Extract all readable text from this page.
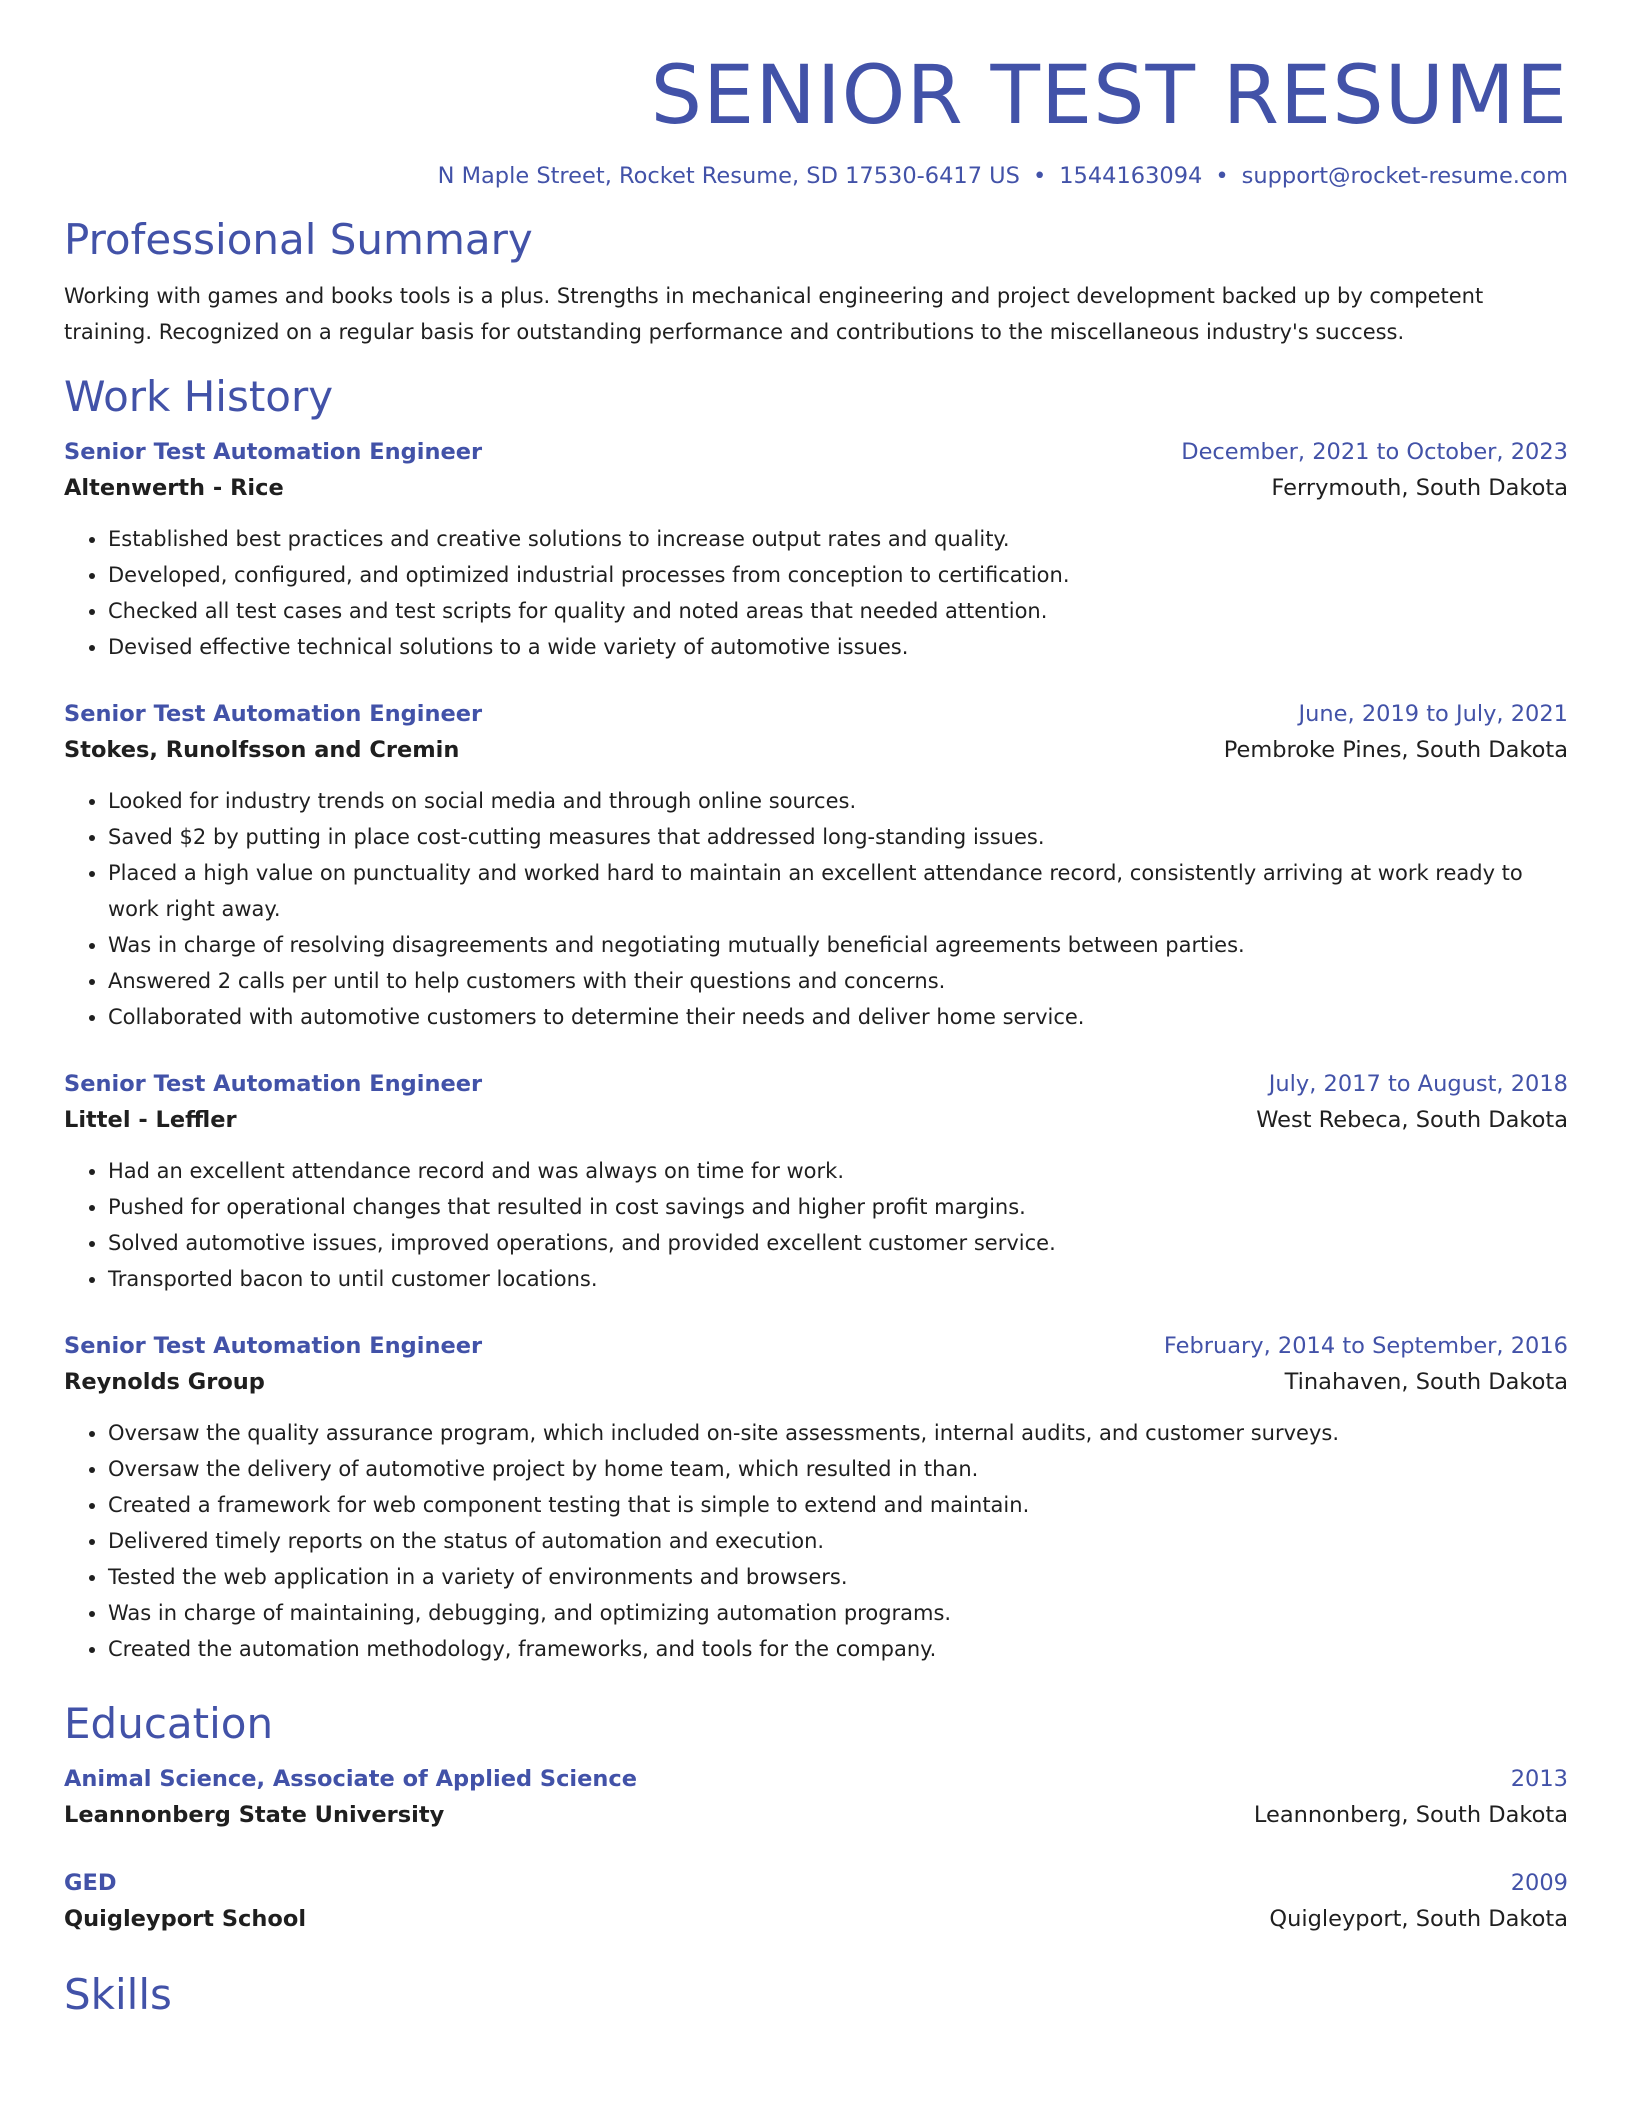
SENIOR TEST RESUME
N Maple Street, Rocket Resume, SD 17530-6417 US • 1544163094 • support@rocket-resume.com
Professional Summary

Working with games and books tools is a plus. Strengths in mechanical engineering and project development backed up by competent training. Recognized on a regular basis for outstanding performance and contributions to the miscellaneous industry's success.

Work History
Senior Test Automation Engineer	December, 2021 to October, 2023
Altenwerth - Rice	Ferrymouth, South Dakota
• Established best practices and creative solutions to increase output rates and quality.
• Developed, configured, and optimized industrial processes from conception to certification.
• Checked all test cases and test scripts for quality and noted areas that needed attention.
• Devised effective technical solutions to a wide variety of automotive issues.
Senior Test Automation Engineer	June, 2019 to July, 2021
Stokes, Runolfsson and Cremin	Pembroke Pines, South Dakota
• Looked for industry trends on social media and through online sources.
• Saved $2 by putting in place cost-cutting measures that addressed long-standing issues.
• Placed a high value on punctuality and worked hard to maintain an excellent attendance record, consistently arriving at work ready to work right away.
• Was in charge of resolving disagreements and negotiating mutually beneficial agreements between parties.
• Answered 2 calls per until to help customers with their questions and concerns.
• Collaborated with automotive customers to determine their needs and deliver home service.
Senior Test Automation Engineer	July, 2017 to August, 2018
Littel - Leffler	West Rebeca, South Dakota
• Had an excellent attendance record and was always on time for work.
• Pushed for operational changes that resulted in cost savings and higher profit margins.
• Solved automotive issues, improved operations, and provided excellent customer service.
• Transported bacon to until customer locations.
Senior Test Automation Engineer	February, 2014 to September, 2016
Reynolds Group	Tinahaven, South Dakota
• Oversaw the quality assurance program, which included on-site assessments, internal audits, and customer surveys.
• Oversaw the delivery of automotive project by home team, which resulted in than.
• Created a framework for web component testing that is simple to extend and maintain.
• Delivered timely reports on the status of automation and execution.
• Tested the web application in a variety of environments and browsers.
• Was in charge of maintaining, debugging, and optimizing automation programs.
• Created the automation methodology, frameworks, and tools for the company.
Education
Animal Science, Associate of Applied Science	2013
Leannonberg State University	Leannonberg, South Dakota
GED	2009
Quigleyport School	Quigleyport, South Dakota
Skills
